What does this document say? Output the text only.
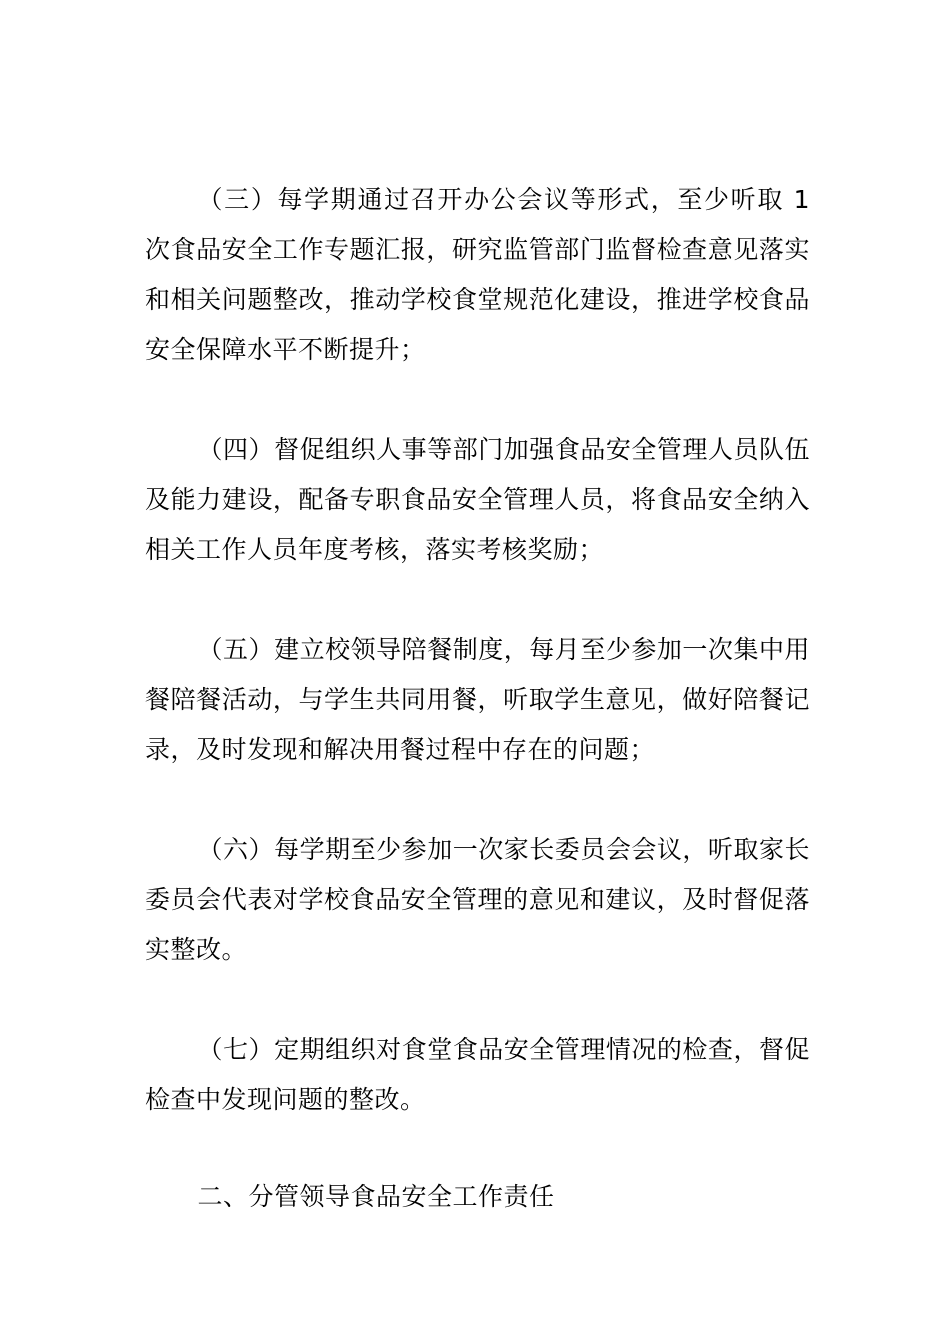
（三）每学期通过召开办公会议等形式，至少听取 1 次食品安全工作专题汇报，研究监管部门监督检查意见落实和相关问题整改，推动学校食堂规范化建设，推进学校食品安全保障水平不断提升；

（四）督促组织人事等部门加强食品安全管理人员队伍及能力建设，配备专职食品安全管理人员，将食品安全纳入相关工作人员年度考核，落实考核奖励；

（五）建立校领导陪餐制度，每月至少参加一次集中用餐陪餐活动，与学生共同用餐，听取学生意见，做好陪餐记录，及时发现和解决用餐过程中存在的问题；

（六）每学期至少参加一次家长委员会会议，听取家长委员会代表对学校食品安全管理的意见和建议，及时督促落实整改。

（七）定期组织对食堂食品安全管理情况的检查，督促检查中发现问题的整改。

二、分管领导食品安全工作责任
